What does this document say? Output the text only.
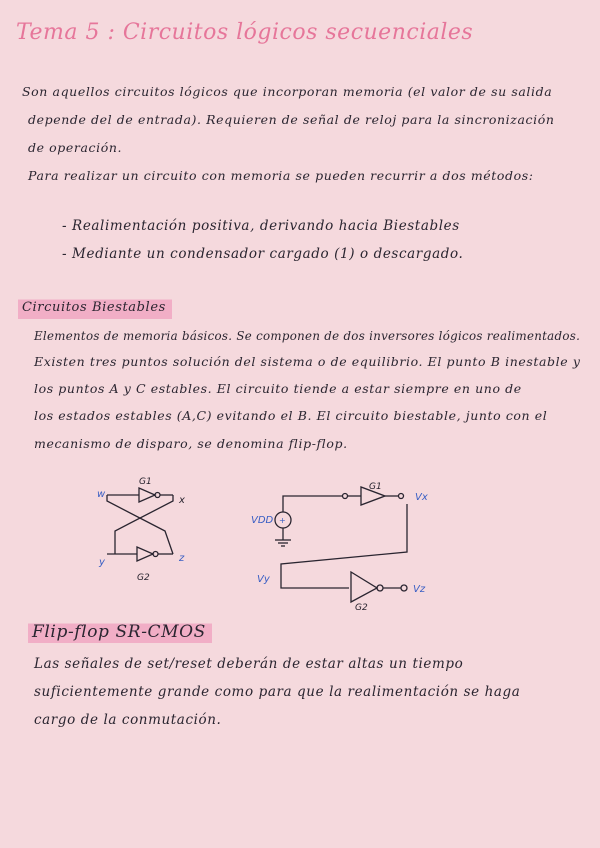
Tema 5 : Circuitos lógicos secuenciales
Son aquellos circuitos lógicos que incorporan memoria (el valor de su salida
depende del de entrada). Requieren de señal de reloj para la sincronización
de operación.
Para realizar un circuito con memoria se pueden recurrir a dos métodos:
- Realimentación positiva, derivando hacia Biestables
- Mediante un condensador cargado (1) o descargado.
Circuitos Biestables
Elementos de memoria básicos. Se componen de dos inversores lógicos realimentados.
Existen tres puntos solución del sistema o de equilibrio. El punto B inestable y
los puntos A y C estables. El circuito tiende a estar siempre en uno de
los estados estables (A,C) evitando el B. El circuito biestable, junto con el
mecanismo de disparo, se denomina flip-flop.
w
x
y	z
G1
G2
+
VDD
G1
Vx
Vy
Vz
G2
Flip-flop SR-CMOS
Las señales de set/reset deberán de estar altas un tiempo
suficientemente grande como para que la realimentación se haga
cargo de la conmutación.
